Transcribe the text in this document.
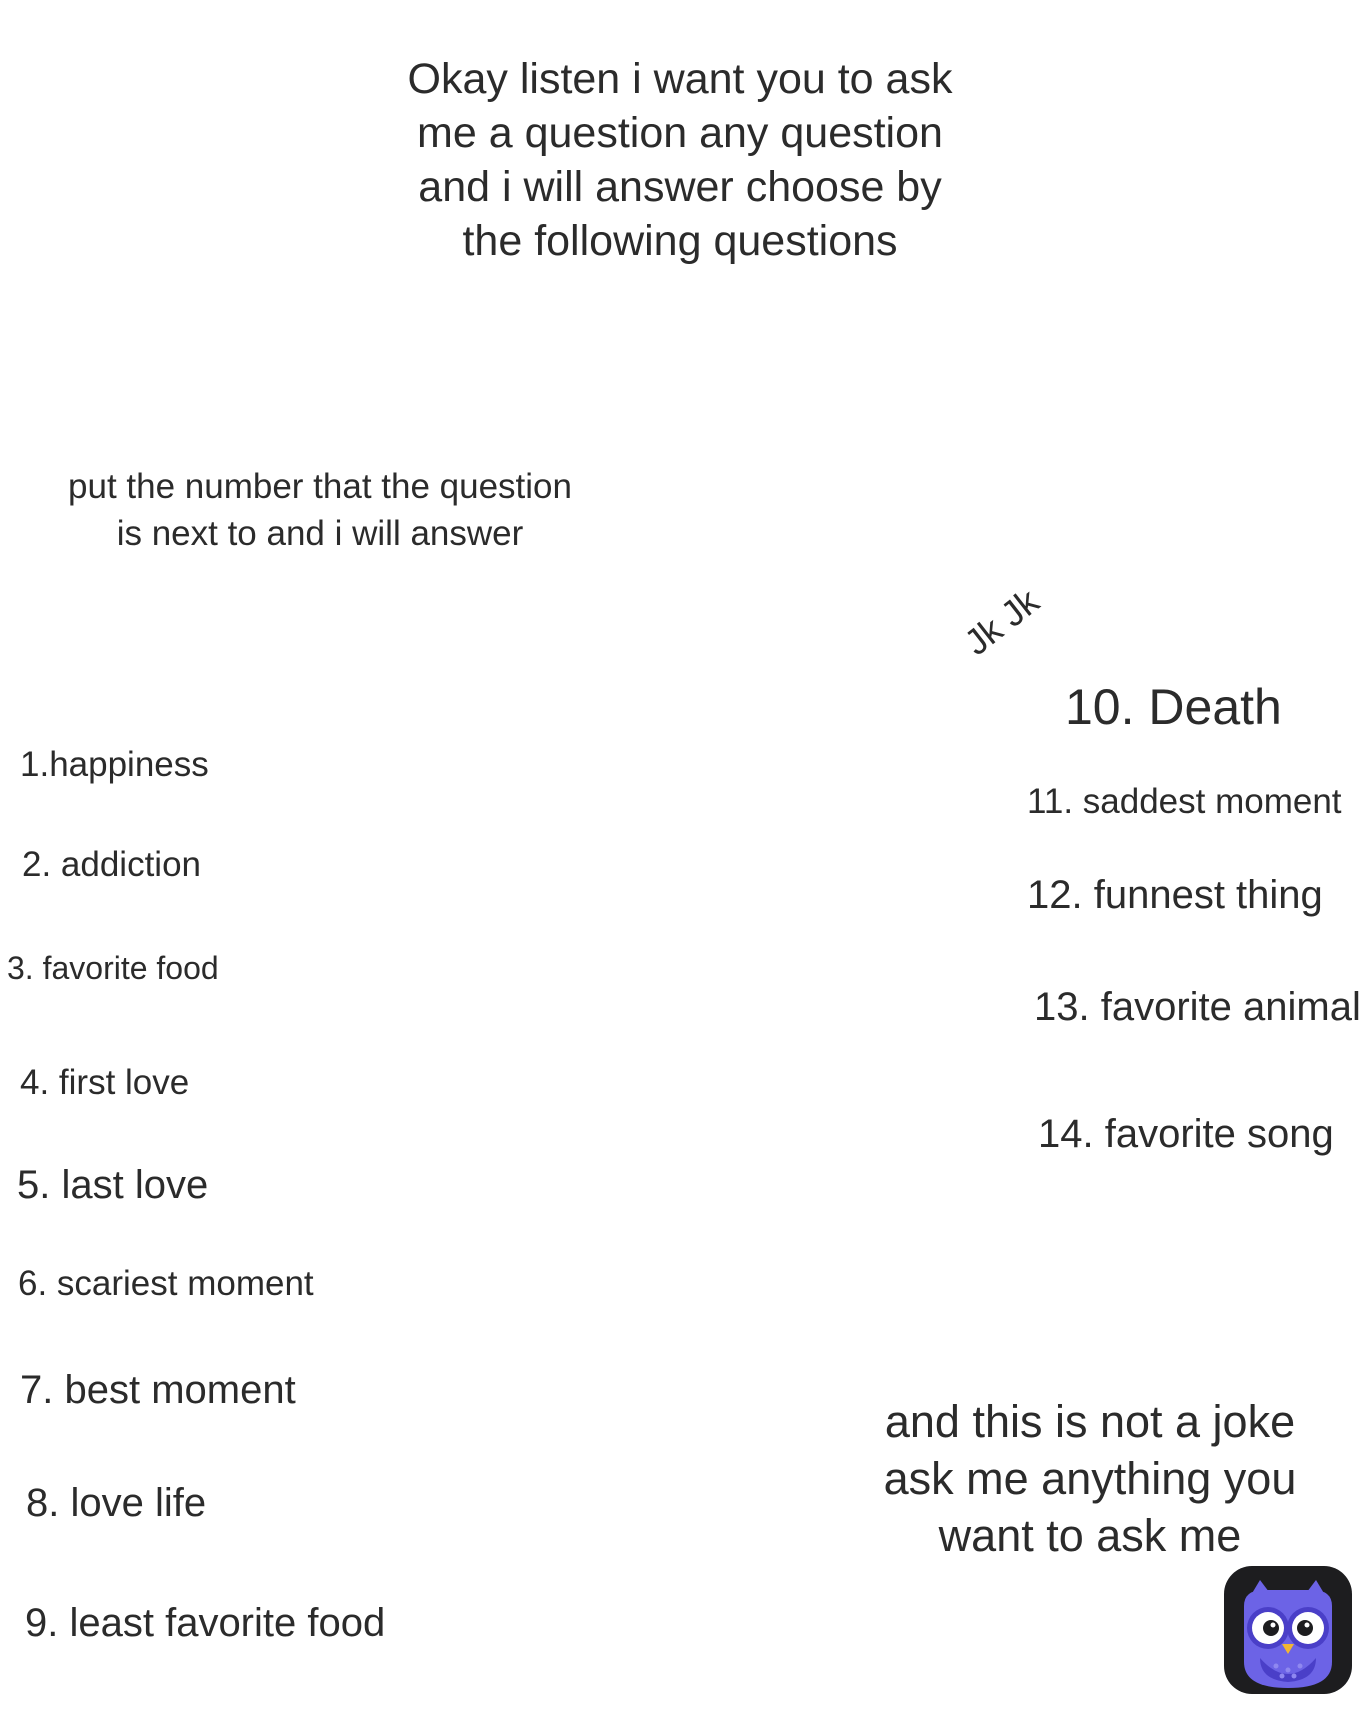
Okay listen i want you to ask
me a question any question
and i will answer choose by
the following questions
put the number that the question
is next to and i will answer
Jk Jk
1.happiness
2. addiction
3. favorite food
4. first love
5. last love
6. scariest moment
7. best moment
8. love life
9. least favorite food
10. Death
11. saddest moment
12. funnest thing
13. favorite animal
14. favorite song
and this is not a joke
ask me anything you
want to ask me
